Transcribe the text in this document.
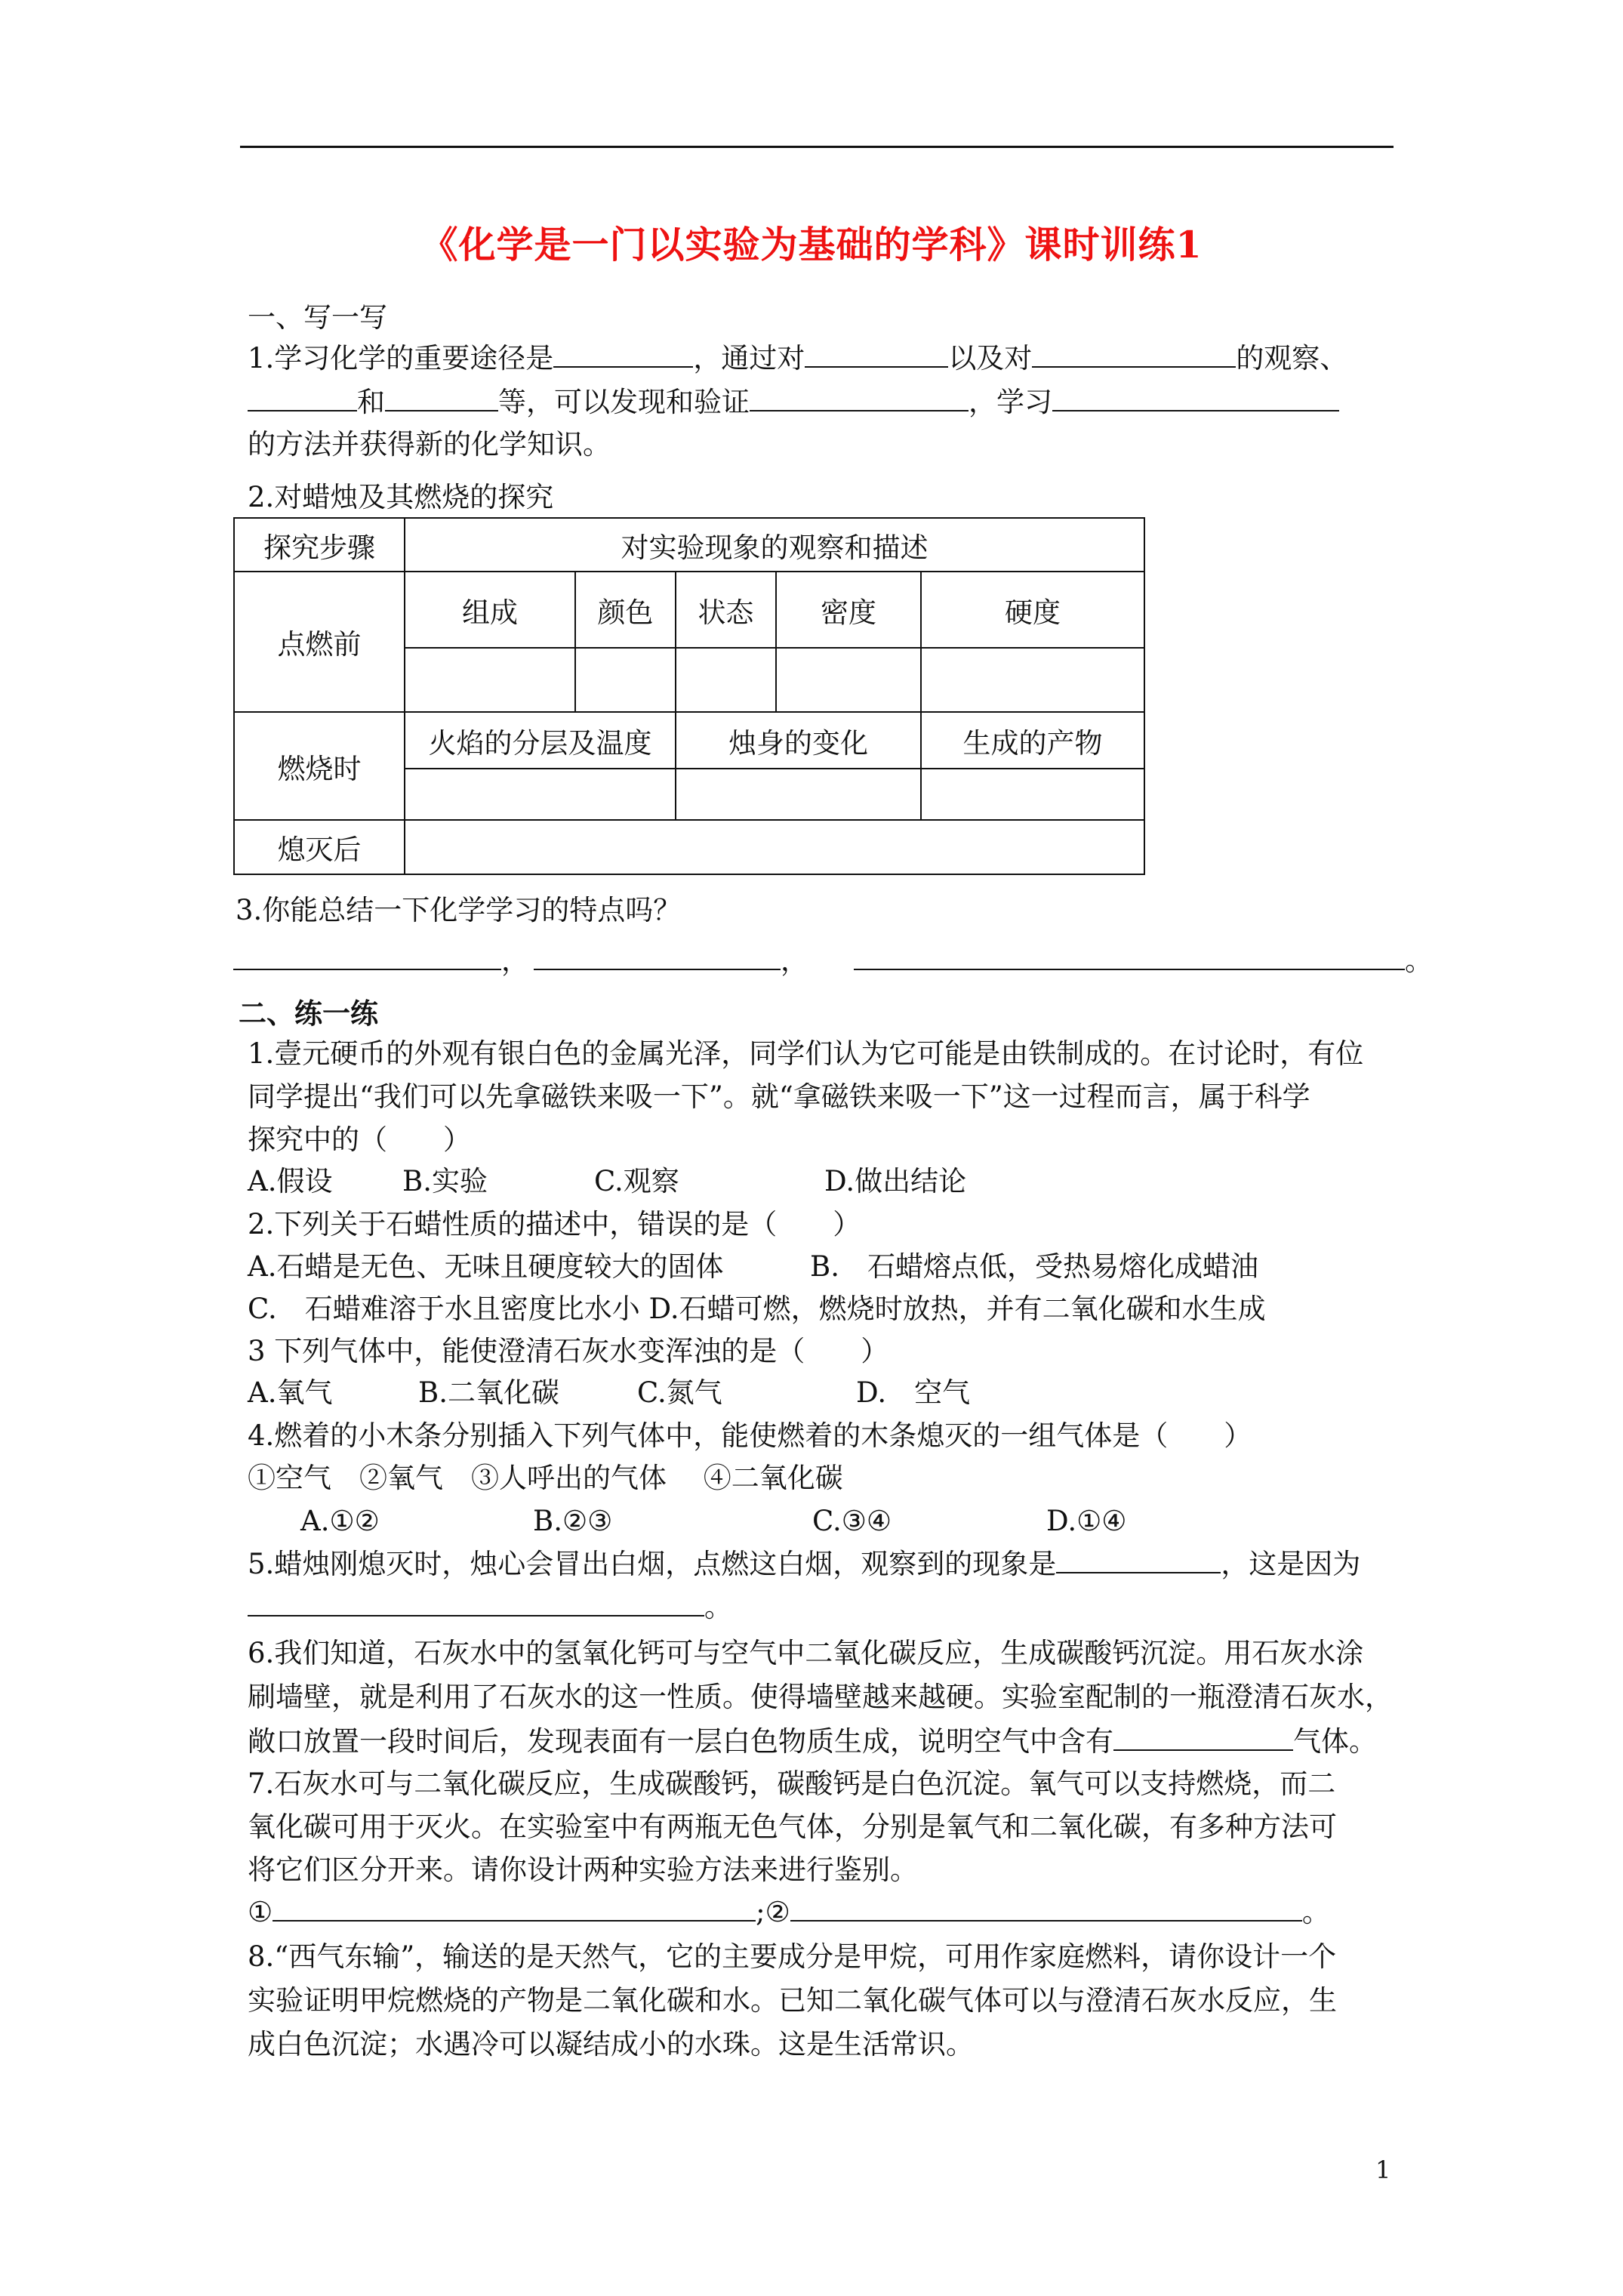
《化学是一门以实验为基础的学科》课时训练1
一、写一写
1.学习化学的重要途径是	，通过对	以及对	的观察、
和	等，可以发现和验证	，学习
的方法并获得新的化学知识。
2.对蜡烛及其燃烧的探究
探究步骤	对实验现象的观察和描述				
点燃前	组成	颜色	状态	密度	硬度

燃烧时	火焰的分层及温度		烛身的变化		生成的产物

熄灭后					
3.你能总结一下化学学习的特点吗？
，	，	。
二、练一练
1.壹元硬币的外观有银白色的金属光泽，同学们认为它可能是由铁制成的。在讨论时，有位
同学提出“我们可以先拿磁铁来吸一下”。就“拿磁铁来吸一下”这一过程而言，属于科学
探究中的（　　）
A.假设	B.实验	C.观察	D.做出结论
2.下列关于石蜡性质的描述中，错误的是（　　）
A.石蜡是无色、无味且硬度较大的固体	B.　石蜡熔点低，受热易熔化成蜡油
C.　石蜡难溶于水且密度比水小 D.石蜡可燃，燃烧时放热，并有二氧化碳和水生成
3 下列气体中，能使澄清石灰水变浑浊的是（　　）
A.氧气	B.二氧化碳	C.氮气	D.　空气
4.燃着的小木条分别插入下列气体中，能使燃着的木条熄灭的一组气体是（　　）
①空气　②氧气　③人呼出的气体　 ④二氧化碳
A.①②	B.②③	C.③④	D.①④
5.蜡烛刚熄灭时，烛心会冒出白烟，点燃这白烟，观察到的现象是	，这是因为
。
6.我们知道，石灰水中的氢氧化钙可与空气中二氧化碳反应，生成碳酸钙沉淀。用石灰水涂
刷墙壁，就是利用了石灰水的这一性质。使得墙壁越来越硬。实验室配制的一瓶澄清石灰水，
敞口放置一段时间后，发现表面有一层白色物质生成，说明空气中含有	气体。
7.石灰水可与二氧化碳反应，生成碳酸钙，碳酸钙是白色沉淀。氧气可以支持燃烧，而二
氧化碳可用于灭火。在实验室中有两瓶无色气体，分别是氧气和二氧化碳，有多种方法可
将它们区分开来。请你设计两种实验方法来进行鉴别。
①	;②	。
8.“西气东输”，输送的是天然气，它的主要成分是甲烷，可用作家庭燃料，请你设计一个
实验证明甲烷燃烧的产物是二氧化碳和水。已知二氧化碳气体可以与澄清石灰水反应，生
成白色沉淀；水遇冷可以凝结成小的水珠。这是生活常识。
1
